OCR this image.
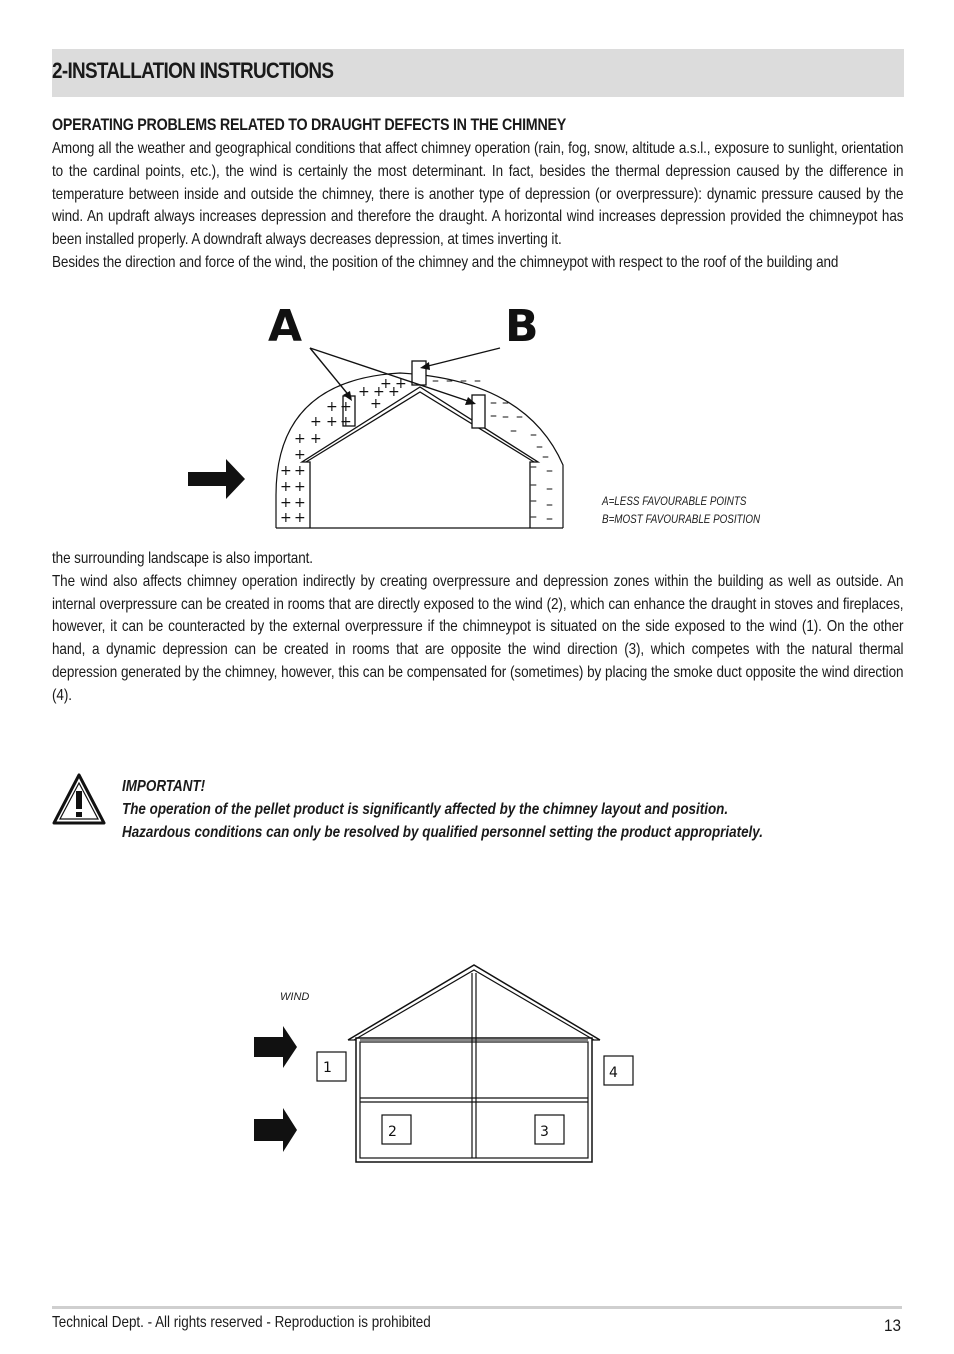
2-INSTALLATION INSTRUCTIONS
OPERATING PROBLEMS RELATED TO DRAUGHT DEFECTS IN THE CHIMNEY

Among all the weather and geographical conditions that affect chimney operation (rain, fog, snow, altitude a.s.l., exposure to sunlight, orientation to the cardinal points, etc.), the wind is certainly the most determinant. In fact, besides the thermal depression caused by the difference in temperature between inside and outside the chimney, there is another type of depression (or overpressure): dynamic pressure caused by the wind. An updraft always increases depression and therefore the draught. A horizontal wind increases depression provided the chimneypot has been installed properly. A downdraft always decreases depression, at times inverting it.

Besides the direction and force of the wind, the position of the chimney and the chimneypot with respect to the roof of the building and

A	B
+ +
+ + +
+
+ +
+ + +
+ +
+
+ +
+ +
+ +
+ +
– – – –
– –
– – –
– –
–
–
– –
– –
– –
– –
A=LESS FAVOURABLE POINTS
B=MOST FAVOURABLE POSITION

the surrounding landscape is also important.

The wind also affects chimney operation indirectly by creating overpressure and depression zones within the building as well as outside. An internal overpressure can be created in rooms that are directly exposed to the wind (2), which can enhance the draught in stoves and fireplaces, however, it can be counteracted by the external overpressure if the chimneypot is situated on the side exposed to the wind (1). On the other hand, a dynamic depression can be created in rooms that are opposite the wind direction (3), which competes with the natural thermal depression generated by the chimney, however, this can be compensated for (sometimes) by placing the smoke duct opposite the wind direction (4).

IMPORTANT!
The operation of the pellet product is significantly affected by the chimney layout and position.
Hazardous conditions can only be resolved by qualified personnel setting the product appropriately.
WIND
1	4
2	3
Technical Dept. - All rights reserved - Reproduction is prohibited	13
